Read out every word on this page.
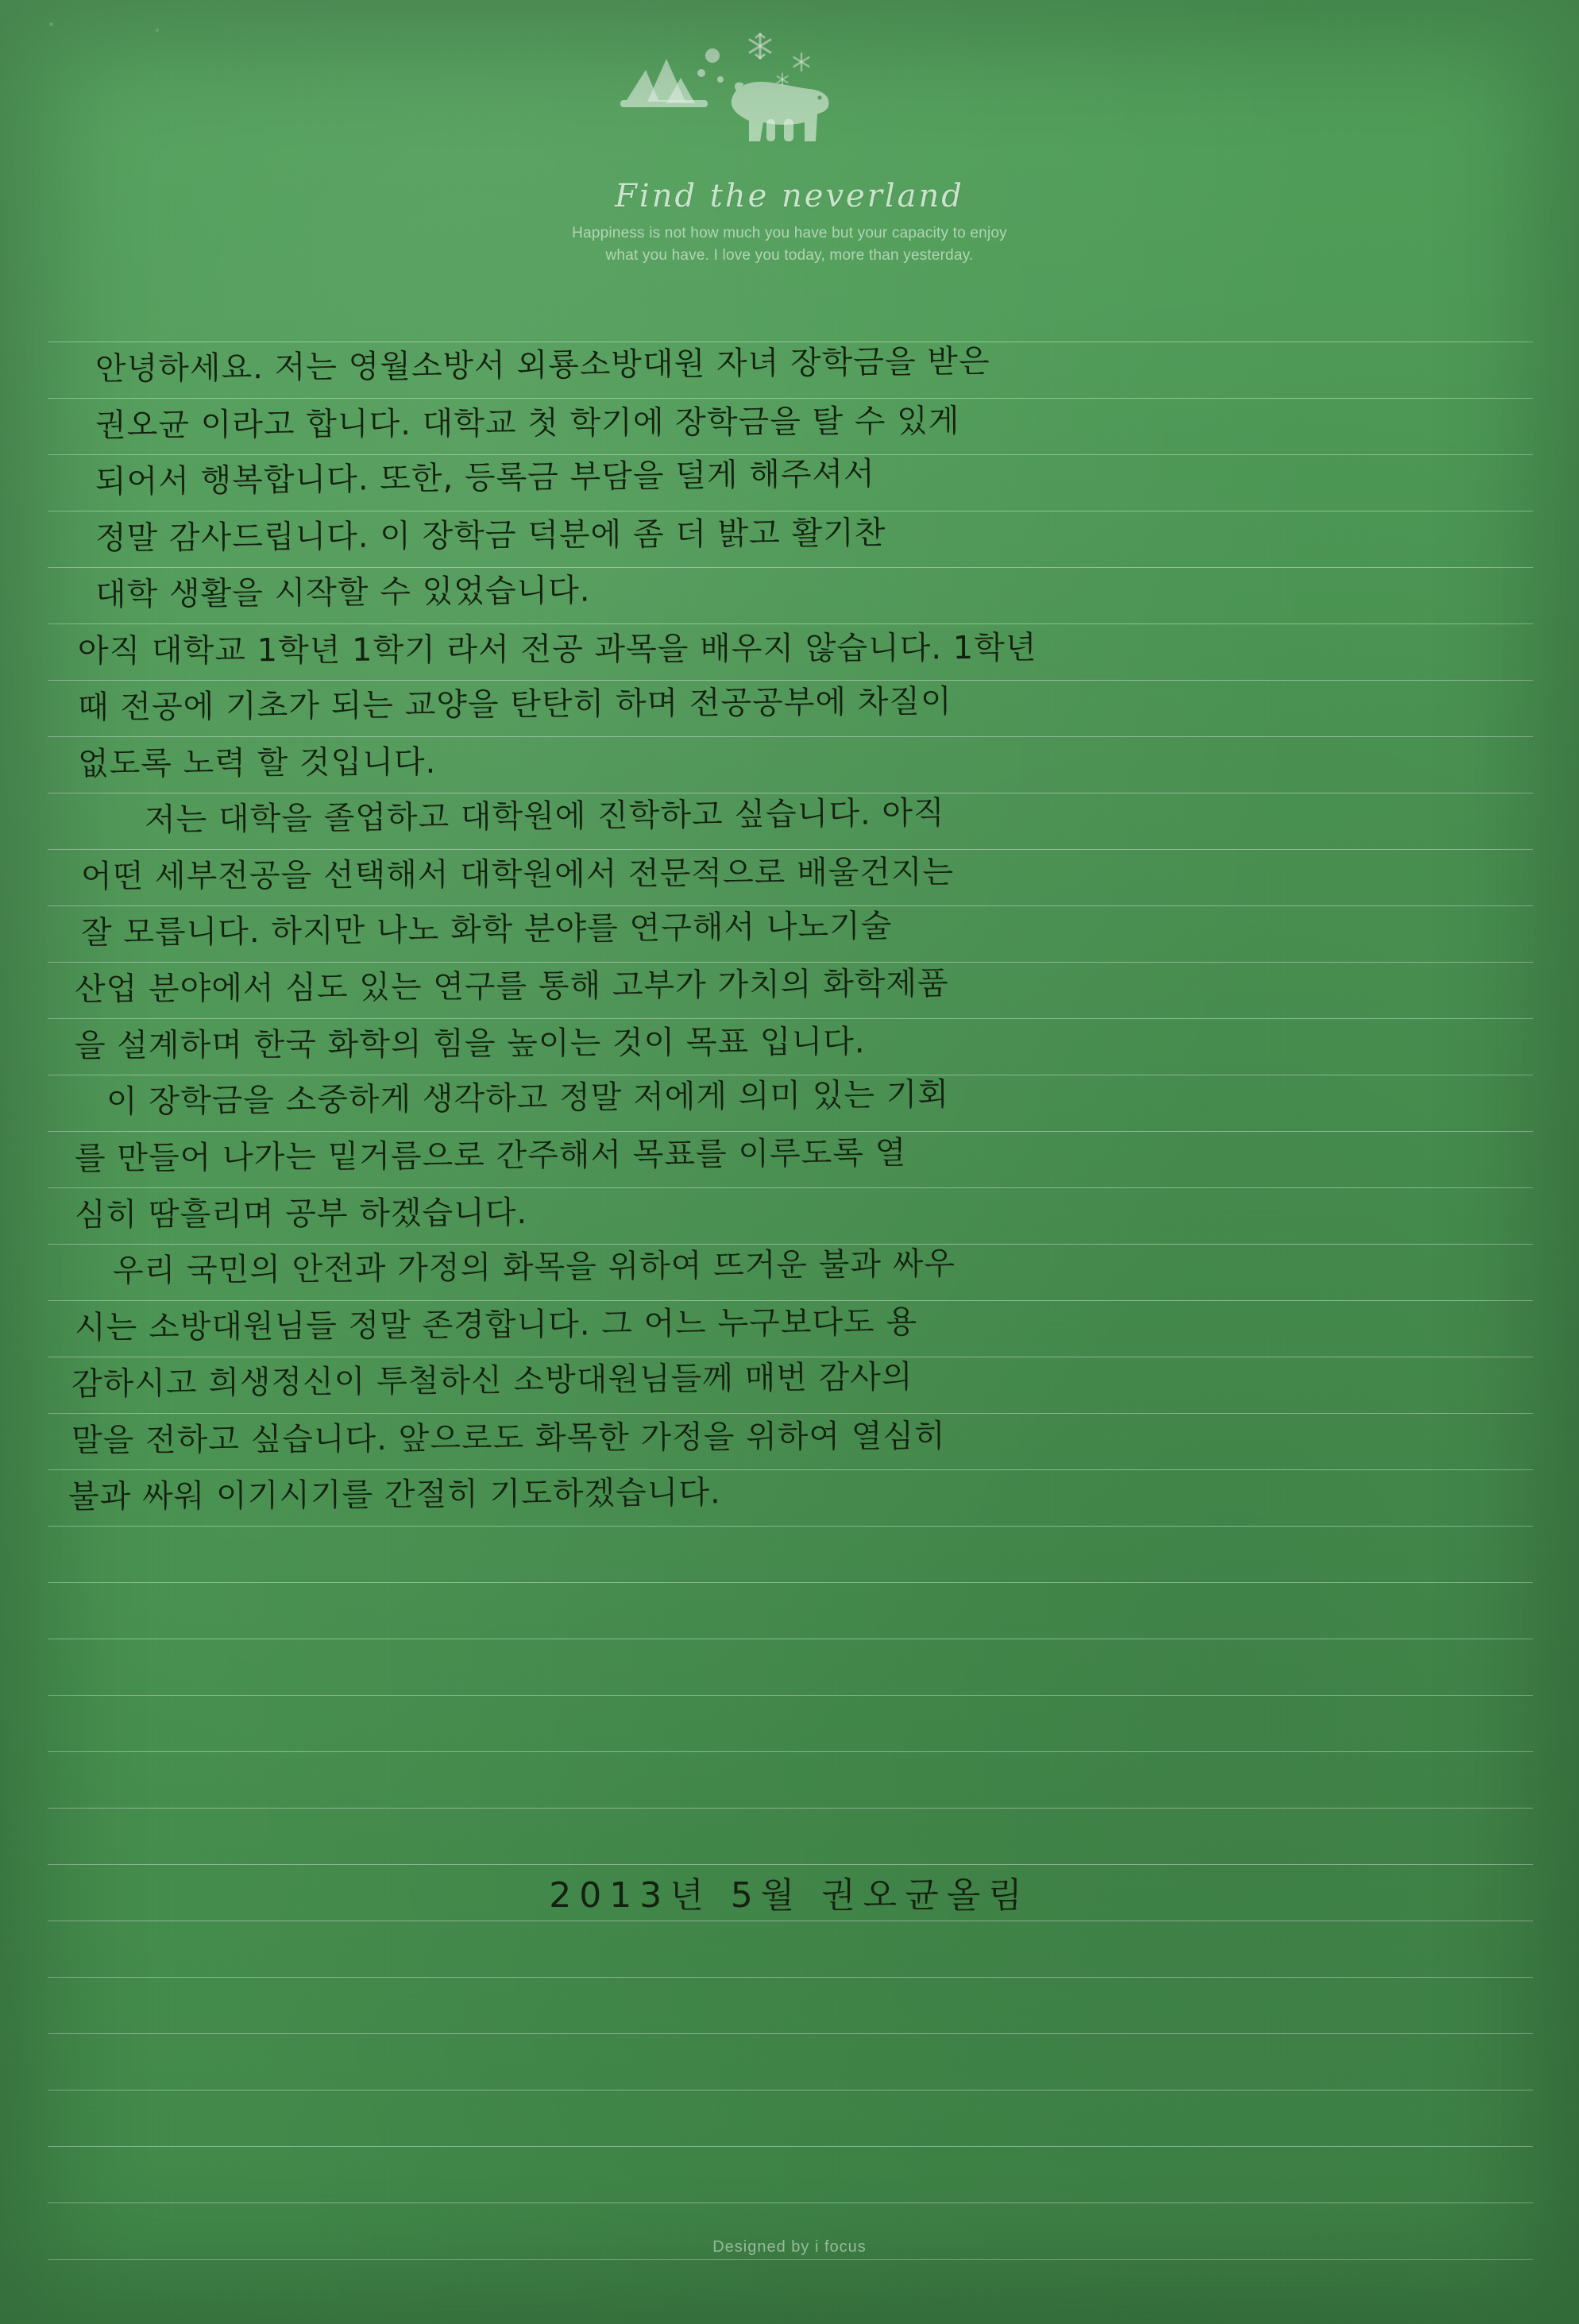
Find the neverland
Happiness is not how much you have but your capacity to enjoy
what you have. I love you today, more than yesterday.
안녕하세요. 저는 영월소방서 외룡소방대원 자녀 장학금을 받은
권오균 이라고 합니다. 대학교 첫 학기에 장학금을 탈 수 있게
되어서 행복합니다. 또한, 등록금 부담을 덜게 해주셔서
정말 감사드립니다. 이 장학금 덕분에 좀 더 밝고 활기찬
대학 생활을 시작할 수 있었습니다.
아직 대학교 1학년 1학기 라서 전공 과목을 배우지 않습니다. 1학년
때 전공에 기초가 되는 교양을 탄탄히 하며 전공공부에 차질이
없도록 노력 할 것입니다.
저는 대학을 졸업하고 대학원에 진학하고 싶습니다. 아직
어떤 세부전공을 선택해서 대학원에서 전문적으로 배울건지는
잘 모릅니다. 하지만 나노 화학 분야를 연구해서 나노기술
산업 분야에서 심도 있는 연구를 통해 고부가 가치의 화학제품
을 설계하며 한국 화학의 힘을 높이는 것이 목표 입니다.
이 장학금을 소중하게 생각하고 정말 저에게 의미 있는 기회
를 만들어 나가는 밑거름으로 간주해서 목표를 이루도록 열
심히 땀흘리며 공부 하겠습니다.
우리 국민의 안전과 가정의 화목을 위하여 뜨거운 불과 싸우
시는 소방대원님들 정말 존경합니다. 그 어느 누구보다도 용
감하시고 희생정신이 투철하신 소방대원님들께 매번 감사의
말을 전하고 싶습니다. 앞으로도 화목한 가정을 위하여 열심히
불과 싸워 이기시기를 간절히 기도하겠습니다.
2013년 5월 권오균올림
Designed by i focus
